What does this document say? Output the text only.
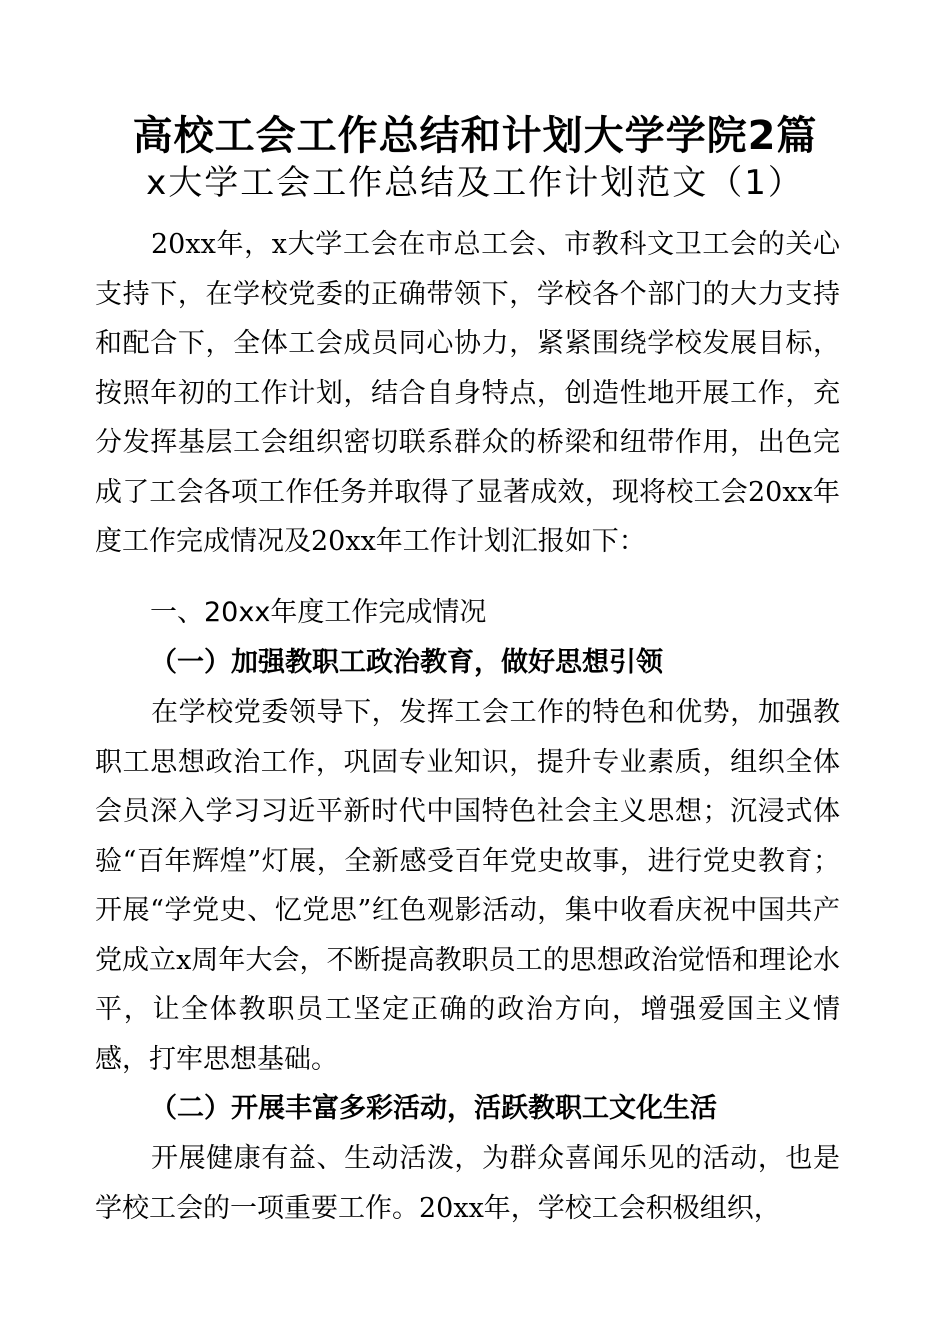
高校工会工作总结和计划大学学院2篇
x大学工会工作总结及工作计划范文（1）
20xx年，x大学工会在市总工会、市教科文卫工会的关心支持下，在学校党委的正确带领下，学校各个部门的大力支持和配合下，全体工会成员同心协力，紧紧围绕学校发展目标，按照年初的工作计划，结合自身特点，创造性地开展工作，充分发挥基层工会组织密切联系群众的桥梁和纽带作用，出色完成了工会各项工作任务并取得了显著成效，现将校工会20xx年度工作完成情况及20xx年工作计划汇报如下：
一、20xx年度工作完成情况
（一）加强教职工政治教育，做好思想引领
在学校党委领导下，发挥工会工作的特色和优势，加强教职工思想政治工作，巩固专业知识，提升专业素质，组织全体会员深入学习习近平新时代中国特色社会主义思想；沉浸式体验“百年辉煌”灯展，全新感受百年党史故事，进行党史教育；开展“学党史、忆党思”红色观影活动，集中收看庆祝中国共产党成立x周年大会，不断提高教职员工的思想政治觉悟和理论水平，让全体教职员工坚定正确的政治方向，增强爱国主义情感，打牢思想基础。
（二）开展丰富多彩活动，活跃教职工文化生活
开展健康有益、生动活泼，为群众喜闻乐见的活动，也是学校工会的一项重要工作。20xx年，学校工会积极组织，
